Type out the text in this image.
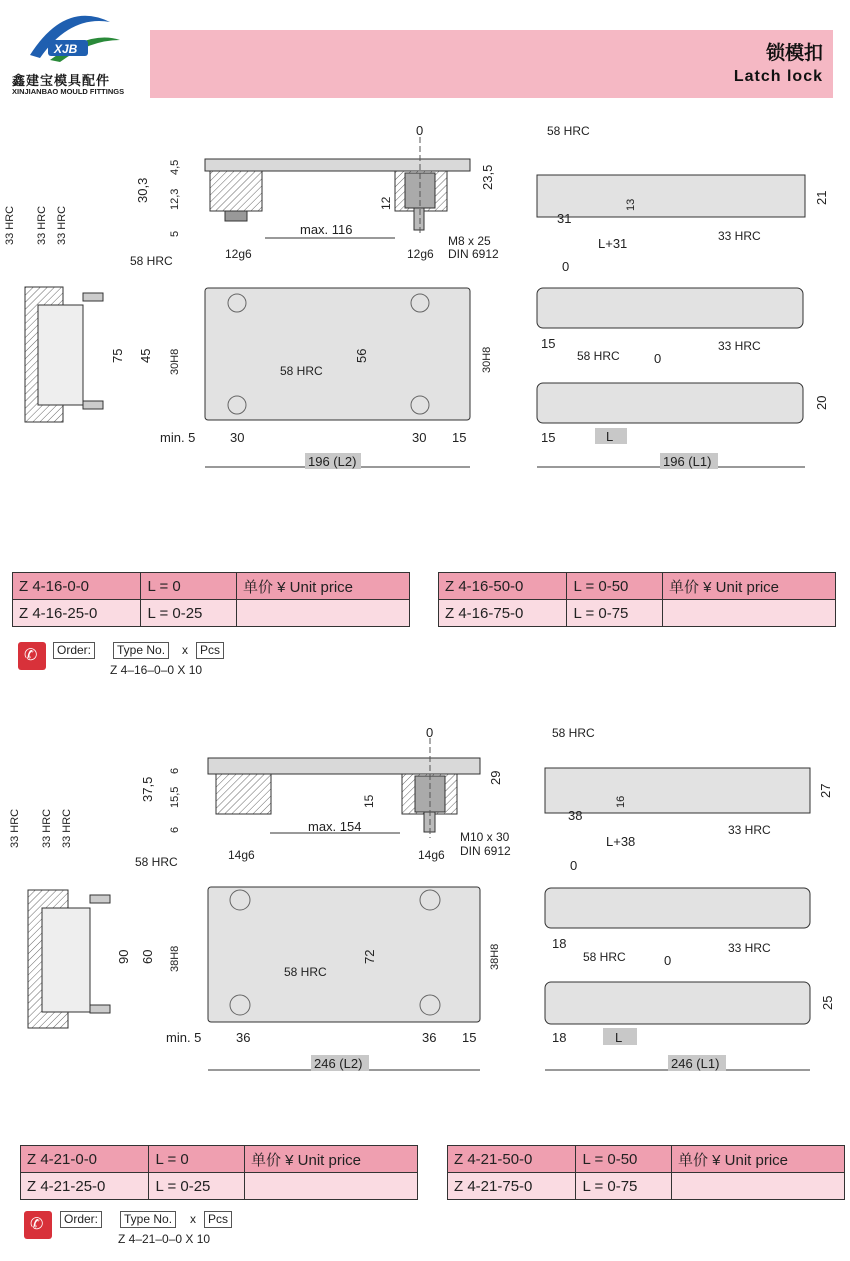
XJB
鑫建宝模具配件
XINJIANBAO MOULD FITTINGS
锁模扣
Latch lock
0
30,3
4,5
12,3
5
12
max. 116
23,5
M8 x 25
DIN 6912
33 HRC 33 HRC 33 HRC
58 HRC	12g6	12g6
75 45 30H8	56
58 HRC	30H8
min. 5	30	30 15
196 (L2)
58 HRC
31
13
L+31
21
33 HRC
0
15
58 HRC	0
33 HRC
20
15	L
196 (L1)
Z 4-16-0-0	L = 0	单价 ¥ Unit price
Z 4-16-25-0	L = 0-25	
Z 4-16-50-0	L = 0-50	单价 ¥ Unit price
Z 4-16-75-0	L = 0-75	
✆	Order:	Type No.	x	Pcs
Z 4–16–0–0 X 10
0
37,5
6
15,5
6
15
max. 154
29
M10 x 30
DIN 6912
33 HRC 33 HRC 33 HRC
58 HRC	14g6	14g6
90 60 38H8	72
58 HRC
38H8
min. 5	36	36 15
246 (L2)
58 HRC
38
16
L+38
27
33 HRC
0
18
58 HRC	0
33 HRC
25
18	L
246 (L1)
Z 4-21-0-0	L = 0	单价 ¥ Unit price
Z 4-21-25-0	L = 0-25	
Z 4-21-50-0	L = 0-50	单价 ¥ Unit price
Z 4-21-75-0	L = 0-75	
✆	Order:	Type No.	x	Pcs
Z 4–21–0–0 X 10
